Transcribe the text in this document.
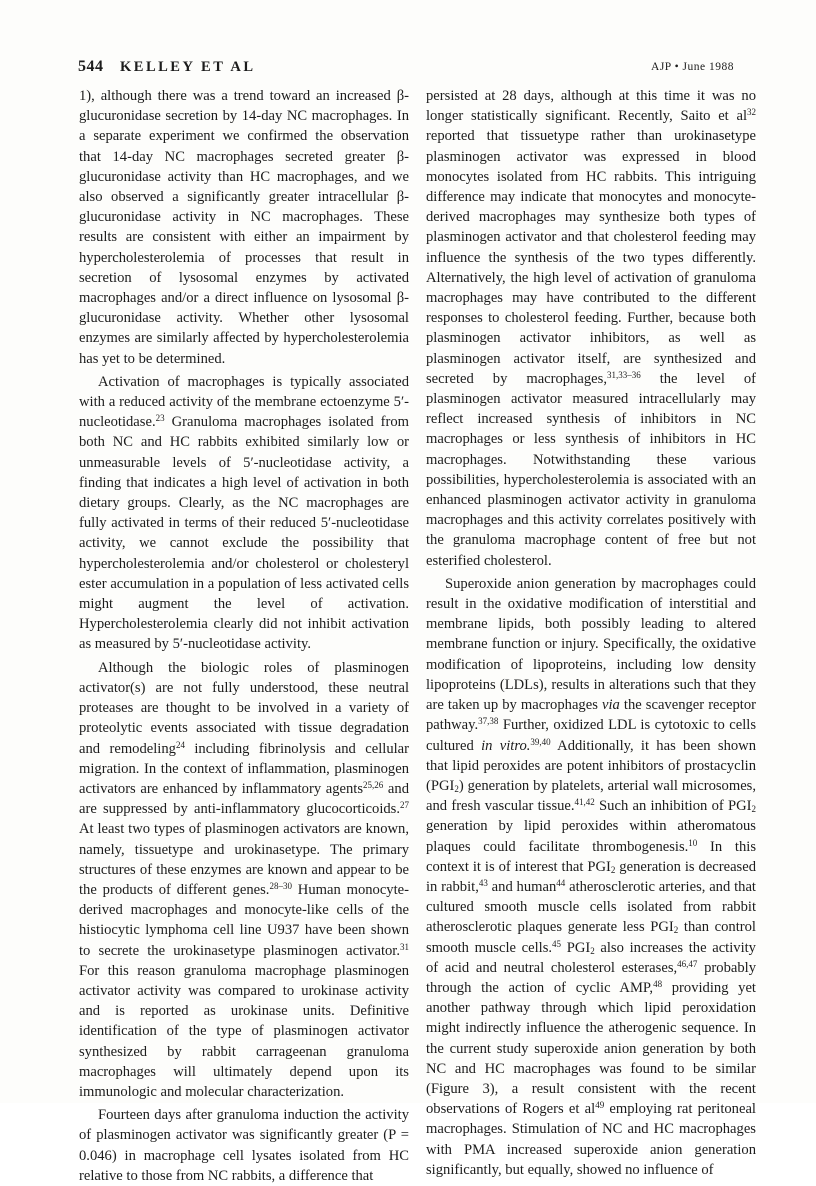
544 KELLEY ET AL	AJP • June 1988

1), although there was a trend toward an increased β-glucuronidase secretion by 14-day NC macrophages. In a separate experiment we confirmed the observation that 14-day NC macrophages secreted greater β-glucuronidase activity than HC macrophages, and we also observed a significantly greater intracellular β-glucuronidase activity in NC macrophages. These results are consistent with either an impairment by hypercholesterolemia of processes that result in secretion of lysosomal enzymes by activated macrophages and/or a direct influence on lysosomal β-glucuronidase activity. Whether other lysosomal enzymes are similarly affected by hypercholesterolemia has yet to be determined.

Activation of macrophages is typically associated with a reduced activity of the membrane ectoenzyme 5′-nucleotidase.$^{23}$ Granuloma macrophages isolated from both NC and HC rabbits exhibited similarly low or unmeasurable levels of 5′-nucleotidase activity, a finding that indicates a high level of activation in both dietary groups. Clearly, as the NC macrophages are fully activated in terms of their reduced 5′-nucleotidase activity, we cannot exclude the possibility that hypercholesterolemia and/or cholesterol or cholesteryl ester accumulation in a population of less activated cells might augment the level of activation. Hypercholesterolemia clearly did not inhibit activation as measured by 5′-nucleotidase activity.

Although the biologic roles of plasminogen activator(s) are not fully understood, these neutral proteases are thought to be involved in a variety of proteolytic events associated with tissue degradation and remodeling$^{24}$ including fibrinolysis and cellular migration. In the context of inflammation, plasminogen activators are enhanced by inflammatory agents$^{25,26}$ and are suppressed by anti-inflammatory glucocorticoids.$^{27}$ At least two types of plasminogen activators are known, namely, tissuetype and urokinasetype. The primary structures of these enzymes are known and appear to be the products of different genes.$^{28-30}$ Human monocyte-derived macrophages and monocyte-like cells of the histiocytic lymphoma cell line U937 have been shown to secrete the urokinasetype plasminogen activator.$^{31}$ For this reason granuloma macrophage plasminogen activator activity was compared to urokinase activity and is reported as urokinase units. Definitive identification of the type of plasminogen activator synthesized by rabbit carrageenan granuloma macrophages will ultimately depend upon its immunologic and molecular characterization.

Fourteen days after granuloma induction the activity of plasminogen activator was significantly greater (P = 0.046) in macrophage cell lysates isolated from HC relative to those from NC rabbits, a difference that

persisted at 28 days, although at this time it was no longer statistically significant. Recently, Saito et $al^{32}$ reported that tissuetype rather than urokinasetype plasminogen activator was expressed in blood monocytes isolated from HC rabbits. This intriguing difference may indicate that monocytes and monocyte-derived macrophages may synthesize both types of plasminogen activator and that cholesterol feeding may influence the synthesis of the two types differently. Alternatively, the high level of activation of granuloma macrophages may have contributed to the different responses to cholesterol feeding. Further, because both plasminogen activator inhibitors, as well as plasminogen activator itself, are synthesized and secreted by macrophages,$^{31,33-36}$ the level of plasminogen activator measured intracellularly may reflect increased synthesis of inhibitors in NC macrophages or less synthesis of inhibitors in HC macrophages. Notwithstanding these various possibilities, hypercholesterolemia is associated with an enhanced plasminogen activator activity in granuloma macrophages and this activity correlates positively with the granuloma macrophage content of free but not esterified cholesterol.

Superoxide anion generation by macrophages could result in the oxidative modification of interstitial and membrane lipids, both possibly leading to altered membrane function or injury. Specifically, the oxidative modification of lipoproteins, including low density lipoproteins (LDLs), results in alterations such that they are taken up by macrophages via the scavenger receptor pathway.$^{37,38}$ Further, oxidized LDL is cytotoxic to cells cultured in vitro.$^{39,40}$ Additionally, it has been shown that lipid peroxides are potent inhibitors of prostacyclin $(PGI_2)$ generation by platelets, arterial wall microsomes, and fresh vascular tissue.$^{41,42}$ Such an inhibition of $PGI_2$ generation by lipid peroxides within atheromatous plaques could facilitate thrombogenesis.$^{10}$ In this context it is of interest that $PGI_2$ generation is decreased in rabbit,$^{43}$ and human$^{44}$ atherosclerotic arteries, and that cultured smooth muscle cells isolated from rabbit atherosclerotic plaques generate less $PGI_2$ than control smooth muscle cells.$^{45}$ $PGI_2$ also increases the activity of acid and neutral cholesterol esterases,$^{46,47}$ probably through the action of cyclic AMP,$^{48}$ providing yet another pathway through which lipid peroxidation might indirectly influence the atherogenic sequence. In the current study superoxide anion generation by both NC and HC macrophages was found to be similar (Figure 3), a result consistent with the recent observations of Rogers et $al^{49}$ employing rat peritoneal macrophages. Stimulation of NC and HC macrophages with PMA increased superoxide anion generation significantly, but equally, showed no influence of
